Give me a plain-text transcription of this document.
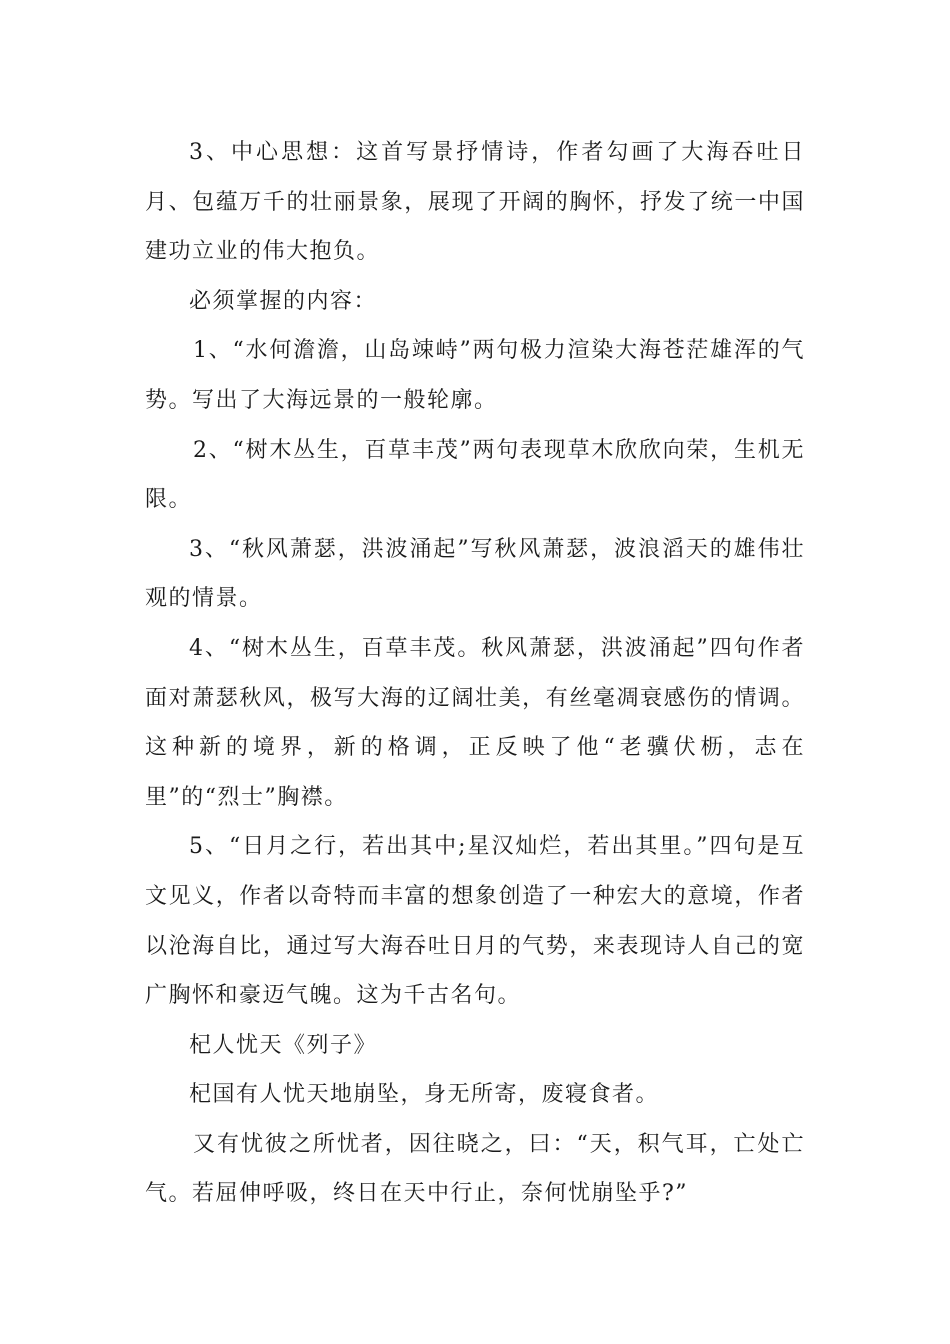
3、中心思想：这首写景抒情诗，作者勾画了大海吞吐日月、包蕴万千的壮丽景象，展现了开阔的胸怀，抒发了统一中国建功立业的伟大抱负。

必须掌握的内容：

1、“水何澹澹，山岛竦峙”两句极力渲染大海苍茫雄浑的气势。写出了大海远景的一般轮廓。

2、“树木丛生，百草丰茂”两句表现草木欣欣向荣，生机无限。

3、“秋风萧瑟，洪波涌起”写秋风萧瑟，波浪滔天的雄伟壮观的情景。

4、“树木丛生，百草丰茂。秋风萧瑟，洪波涌起”四句作者面对萧瑟秋风，极写大海的辽阔壮美，有丝毫凋衰感伤的情调。这种新的境界，新的格调，正反映了他“老骥伏枥，志在里”的“烈士”胸襟。

5、“日月之行，若出其中;星汉灿烂，若出其里。”四句是互文见义，作者以奇特而丰富的想象创造了一种宏大的意境，作者以沧海自比，通过写大海吞吐日月的气势，来表现诗人自己的宽广胸怀和豪迈气魄。这为千古名句。

杞人忧天《列子》

杞国有人忧天地崩坠，身无所寄，废寝食者。

又有忧彼之所忧者，因往晓之，曰：“天，积气耳，亡处亡气。若屈伸呼吸，终日在天中行止，奈何忧崩坠乎?”
